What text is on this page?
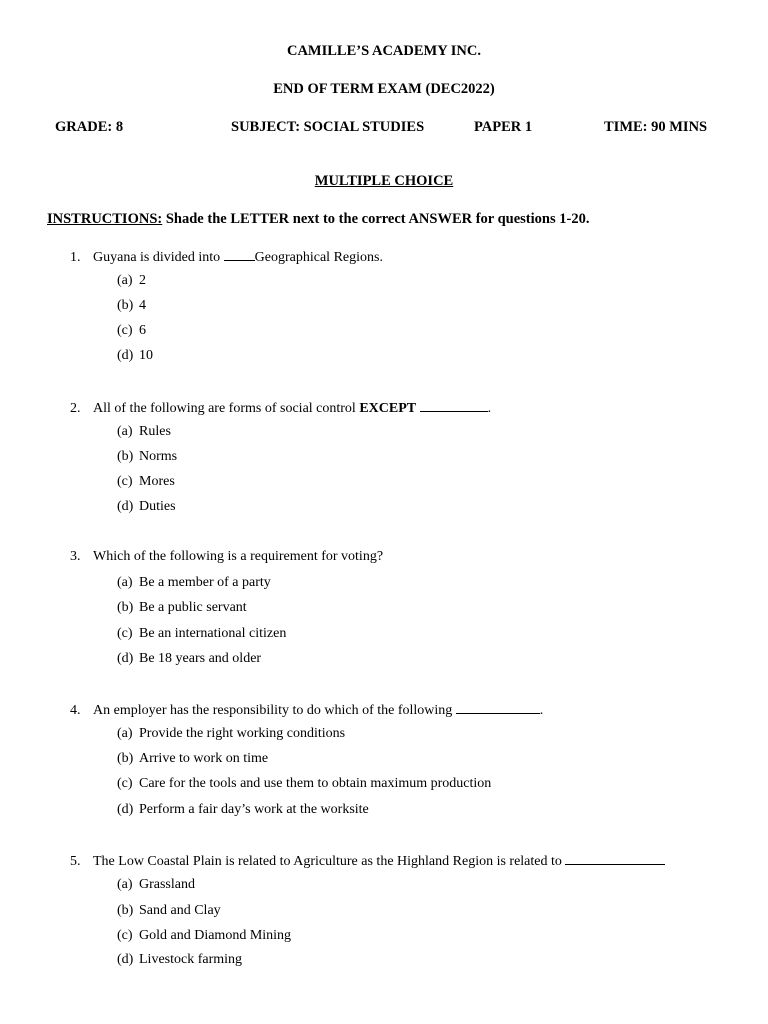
CAMILLE’S ACADEMY INC.
END OF TERM EXAM (DEC2022)
GRADE: 8	SUBJECT: SOCIAL STUDIES	PAPER 1	TIME: 90 MINS
MULTIPLE CHOICE
INSTRUCTIONS: Shade the LETTER next to the correct ANSWER for questions 1-20.
1. Guyana is divided into Geographical Regions.
(a) 2
(b) 4
(c) 6
(d) 10
2. All of the following are forms of social control EXCEPT	.
(a) Rules
(b) Norms
(c) Mores
(d) Duties
3. Which of the following is a requirement for voting?
(a) Be a member of a party
(b) Be a public servant
(c) Be an international citizen
(d) Be 18 years and older
4. An employer has the responsibility to do which of the following	.
(a) Provide the right working conditions
(b) Arrive to work on time
(c) Care for the tools and use them to obtain maximum production
(d) Perform a fair day’s work at the worksite
5. The Low Coastal Plain is related to Agriculture as the Highland Region is related to
(a) Grassland
(b) Sand and Clay
(c) Gold and Diamond Mining
(d) Livestock farming
